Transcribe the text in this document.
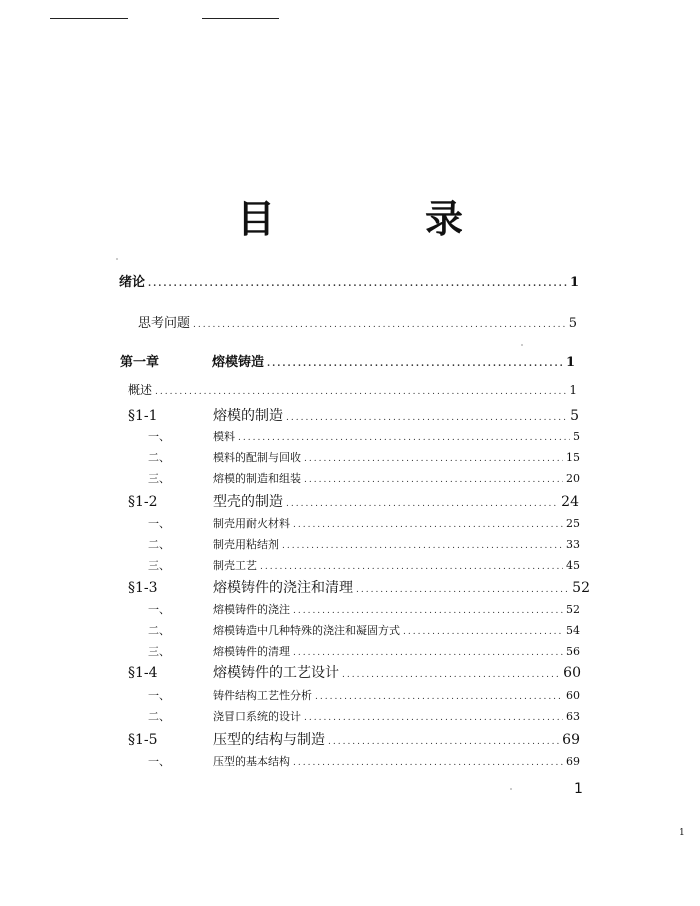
目　录
绪论 .....	1
思考问题 .....	5
第一章	熔模铸造 .....	1
概述 .....	1
§1-1	熔模的制造 .....	5
一、	模料 .....	5
二、	模料的配制与回收 .....	15
三、	熔模的制造和组装 .....	20
§1-2	型壳的制造 .....	24
一、	制壳用耐火材料 .....	25
二、	制壳用粘结剂 .....	33
三、	制壳工艺 .....	45
§1-3	熔模铸件的浇注和清理 .....	52
一、	熔模铸件的浇注 .....	52
二、	熔模铸造中几种特殊的浇注和凝固方式 .....	54
三、	熔模铸件的清理 .....	56
§1-4	熔模铸件的工艺设计 .....	60
一、	铸件结构工艺性分析 .....	60
二、	浇冒口系统的设计 .....	63
§1-5	压型的结构与制造 .....	69
一、	压型的基本结构 .....	69
1
1
